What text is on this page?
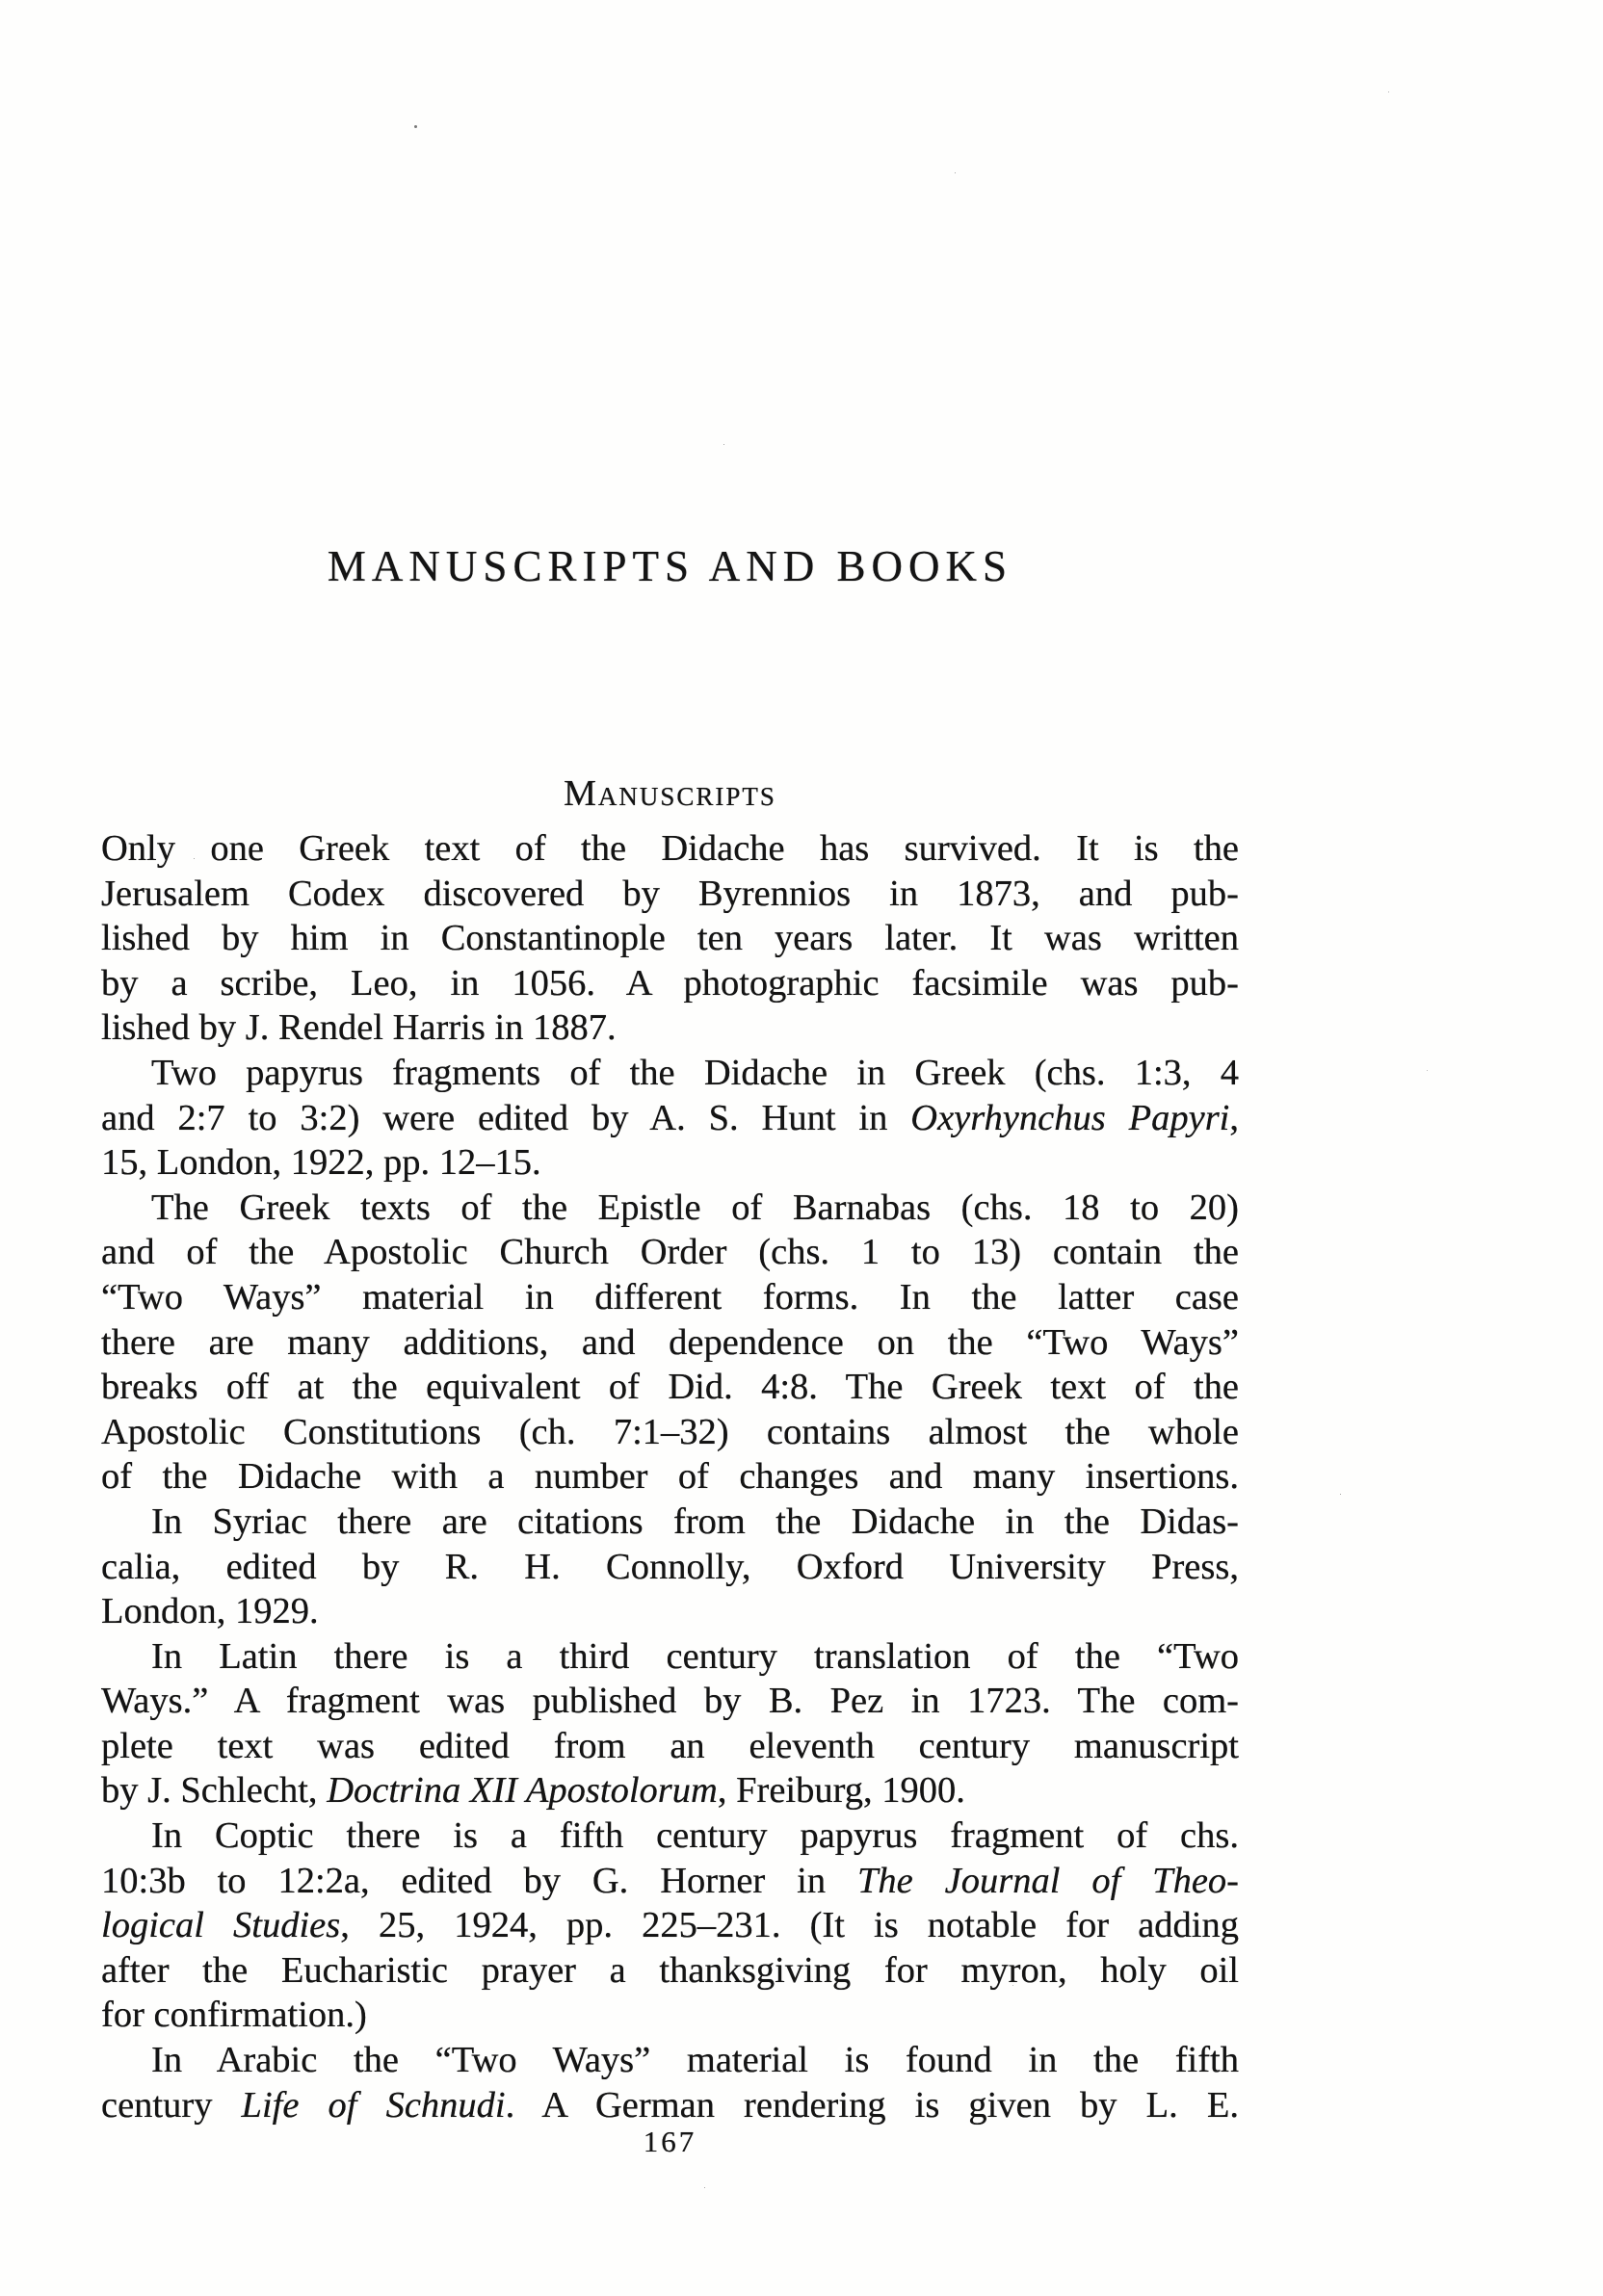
MANUSCRIPTS AND BOOKS
Manuscripts
Only one Greek text of the Didache has survived. It is the
Jerusalem Codex discovered by Byrennios in 1873, and pub-
lished by him in Constantinople ten years later. It was written
by a scribe, Leo, in 1056. A photographic facsimile was pub-
lished by J. Rendel Harris in 1887.
Two papyrus fragments of the Didache in Greek (chs. 1:3, 4
and 2:7 to 3:2) were edited by A. S. Hunt in Oxyrhynchus Papyri,
15, London, 1922, pp. 12–15.
The Greek texts of the Epistle of Barnabas (chs. 18 to 20)
and of the Apostolic Church Order (chs. 1 to 13) contain the
“Two Ways” material in different forms. In the latter case
there are many additions, and dependence on the “Two Ways”
breaks off at the equivalent of Did. 4:8. The Greek text of the
Apostolic Constitutions (ch. 7:1–32) contains almost the whole
of the Didache with a number of changes and many insertions.
In Syriac there are citations from the Didache in the Didas-
calia, edited by R. H. Connolly, Oxford University Press,
London, 1929.
In Latin there is a third century translation of the “Two
Ways.” A fragment was published by B. Pez in 1723. The com-
plete text was edited from an eleventh century manuscript
by J. Schlecht, Doctrina XII Apostolorum, Freiburg, 1900.
In Coptic there is a fifth century papyrus fragment of chs.
10:3b to 12:2a, edited by G. Horner in The Journal of Theo-
logical Studies, 25, 1924, pp. 225–231. (It is notable for adding
after the Eucharistic prayer a thanksgiving for myron, holy oil
for confirmation.)
In Arabic the “Two Ways” material is found in the fifth
century Life of Schnudi. A German rendering is given by L. E.
167
